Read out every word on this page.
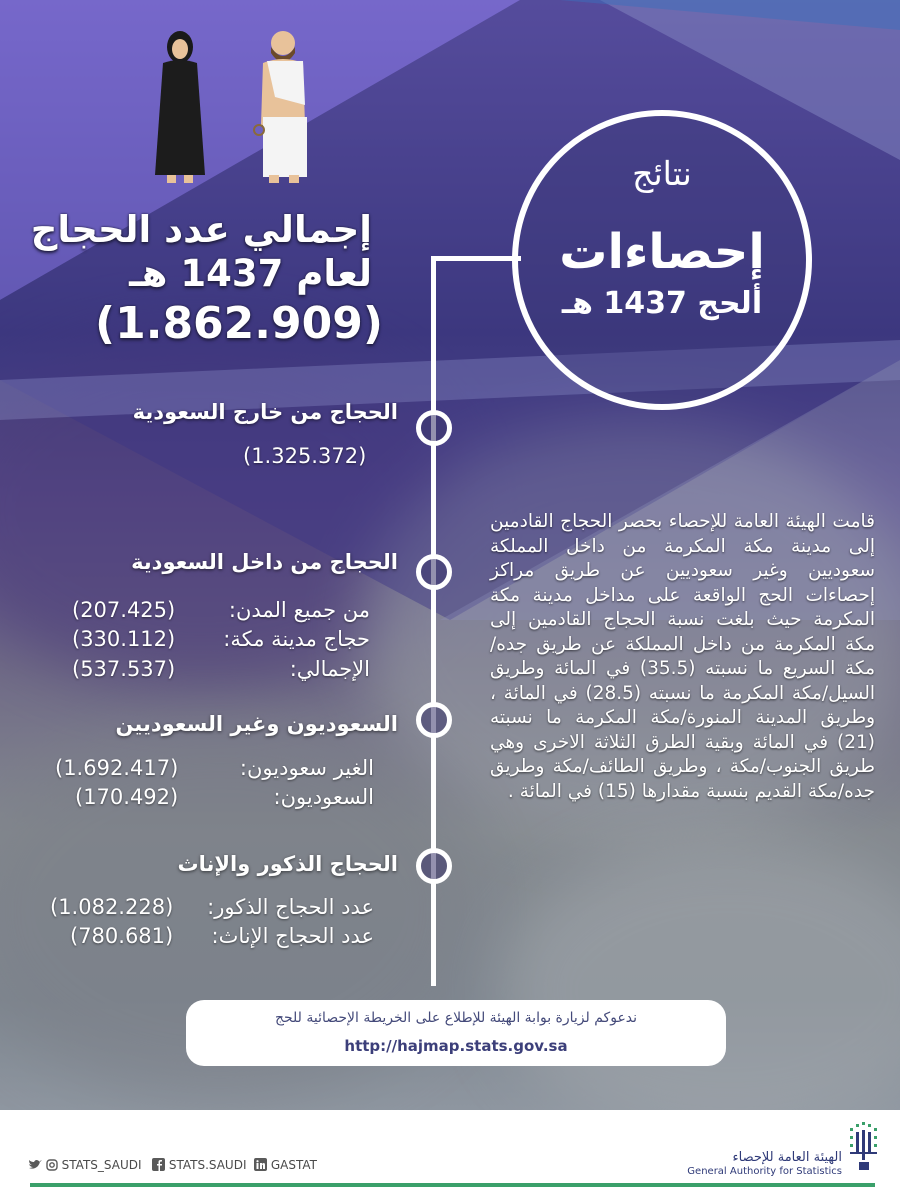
إجمالي عدد الحجاج
لعام 1437 هـ
(1.862.909)
نتائج
إحصاءات
ألحج 1437 هـ
الحجاج من خارج السعودية
(1.325.372)
الحجاج من داخل السعودية
من جميع المدن:
(207.425)
حجاج مدينة مكة:
(330.112)
الإجمالي:
(537.537)
السعوديون وغير السعوديين
الغير سعوديون:
(1.692.417)
السعوديون:
(170.492)
الحجاج الذكور والإناث
عدد الحجاج الذكور:
(1.082.228)
عدد الحجاج الإناث:
(780.681)
قامت الهيئة العامة للإحصاء بحصر الحجاج القادمين إلى مدينة مكة المكرمة من داخل المملكة سعوديين وغير سعوديين عن طريق مراكز إحصاءات الحج الواقعة على مداخل مدينة مكة المكرمة حيث بلغت نسبة الحجاج القادمين إلى مكة المكرمة من داخل المملكة عن طريق جده/مكة السريع ما نسبته (35.5) في المائة وطريق السيل/مكة المكرمة ما نسبته (28.5) في المائة ، وطريق المدينة المنورة/مكة المكرمة ما نسبته (21) في المائة وبقية الطرق الثلاثة الاخرى وهي طريق الجنوب/مكة ، وطريق الطائف/مكة وطريق جده/مكة القديم بنسبة مقدارها (15) في المائة .
ندعوكم لزيارة بوابة الهيئة للإطلاع على الخريطة الإحصائية للحج
http://hajmap.stats.gov.sa
STATS_SAUDI	STATS.SAUDI	GASTAT	الهيئة العامة للإحصاء
General Authority for Statistics
